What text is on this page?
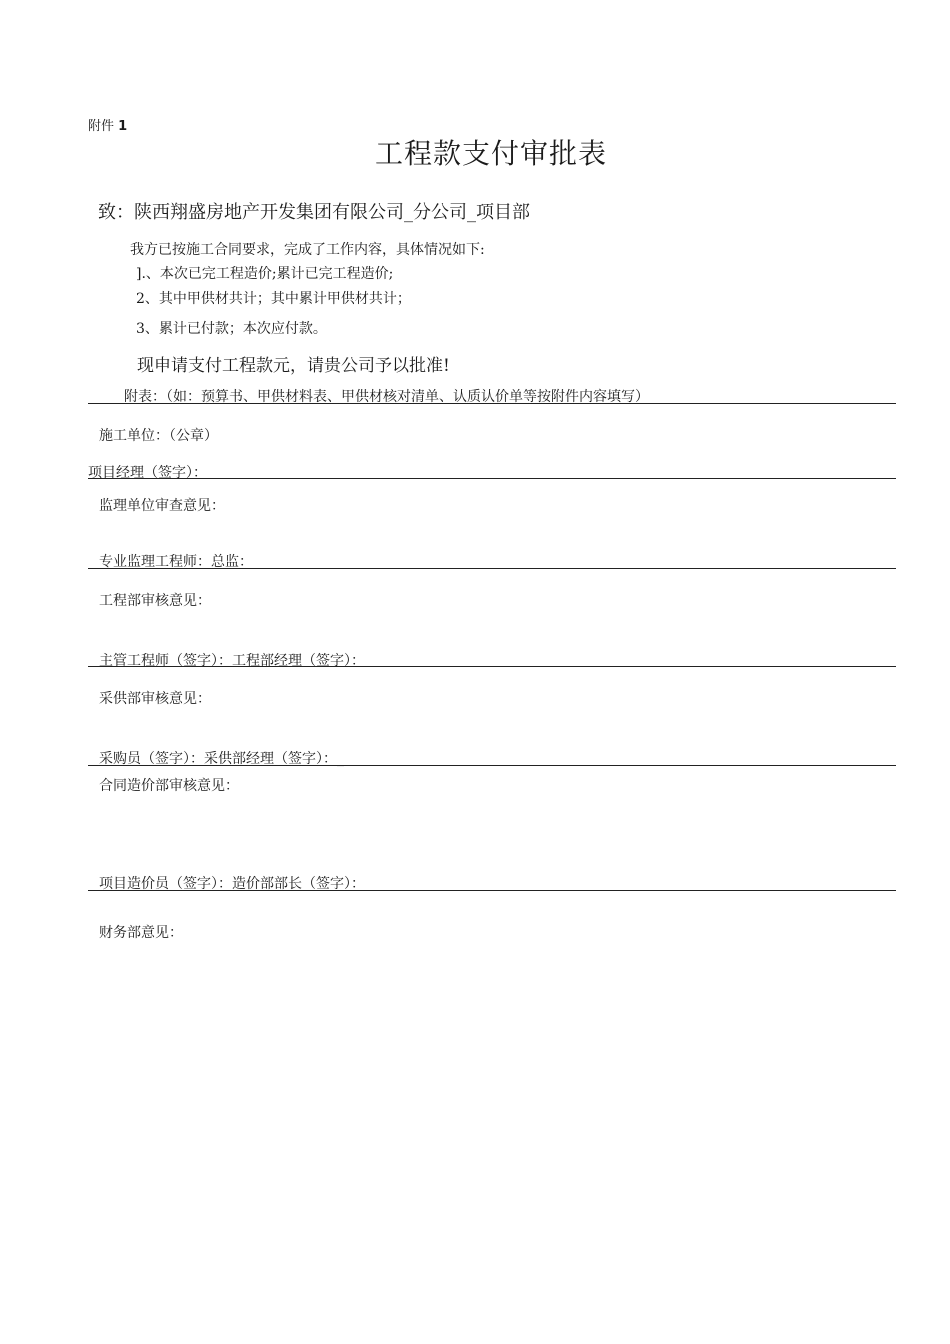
附件 1
工程款支付审批表
致：陕西翔盛房地产开发集团有限公司_分公司_项目部
我方已按施工合同要求，完成了工作内容，具体情况如下:
].、本次已完工程造价;累计已完工程造价;
2、其中甲供材共计；其中累计甲供材共计；
3、累计已付款；本次应付款。
现申请支付工程款元，请贵公司予以批准!
附表：（如：预算书、甲供材料表、甲供材核对清单、认质认价单等按附件内容填写）
施工单位：（公章）
项目经理（签字）：
监理单位审查意见：
专业监理工程师：总监：
工程部审核意见：
主管工程师（签字）：工程部经理（签字）：
采供部审核意见：
采购员（签字）：采供部经理（签字）：_
合同造价部审核意见：
项目造价员（签字）：造价部部长（签字）：
财务部意见：
